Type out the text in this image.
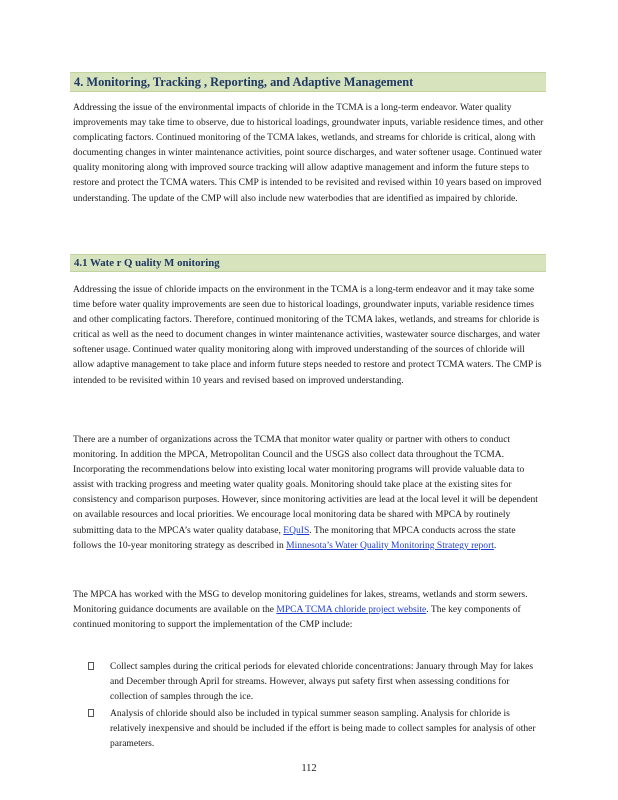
4. Monitoring, Tracking , Reporting, and Adaptive Management

Addressing the issue of the environmental impacts of chloride in the TCMA is a long-term endeavor. Water quality improvements may take time to observe, due to historical loadings, groundwater inputs, variable residence times, and other complicating factors. Continued monitoring of the TCMA lakes, wetlands, and streams for chloride is critical, along with documenting changes in winter maintenance activities, point source discharges, and water softener usage. Continued water quality monitoring along with improved source tracking will allow adaptive management and inform the future steps to restore and protect the TCMA waters. This CMP is intended to be revisited and revised within 10 years based on improved understanding. The update of the CMP will also include new waterbodies that are identified as impaired by chloride.

4.1 Wate r Q uality M onitoring

Addressing the issue of chloride impacts on the environment in the TCMA is a long-term endeavor and it may take some time before water quality improvements are seen due to historical loadings, groundwater inputs, variable residence times and other complicating factors. Therefore, continued monitoring of the TCMA lakes, wetlands, and streams for chloride is critical as well as the need to document changes in winter maintenance activities, wastewater source discharges, and water softener usage. Continued water quality monitoring along with improved understanding of the sources of chloride will allow adaptive management to take place and inform future steps needed to restore and protect TCMA waters. The CMP is intended to be revisited within 10 years and revised based on improved understanding.

There are a number of organizations across the TCMA that monitor water quality or partner with others to conduct monitoring. In addition the MPCA, Metropolitan Council and the USGS also collect data throughout the TCMA. Incorporating the recommendations below into existing local water monitoring programs will provide valuable data to assist with tracking progress and meeting water quality goals. Monitoring should take place at the existing sites for consistency and comparison purposes. However, since monitoring activities are lead at the local level it will be dependent on available resources and local priorities. We encourage local monitoring data be shared with MPCA by routinely submitting data to the MPCA’s water quality database, EQuIS. The monitoring that MPCA conducts across the state follows the 10-year monitoring strategy as described in Minnesota’s Water Quality Monitoring Strategy report.

The MPCA has worked with the MSG to develop monitoring guidelines for lakes, streams, wetlands and storm sewers. Monitoring guidance documents are available on the MPCA TCMA chloride project website. The key components of continued monitoring to support the implementation of the CMP include:

Collect samples during the critical periods for elevated chloride concentrations: January through May for lakes and December through April for streams. However, always put safety first when assessing conditions for collection of samples through the ice.
Analysis of chloride should also be included in typical summer season sampling. Analysis for chloride is relatively inexpensive and should be included if the effort is being made to collect samples for analysis of other parameters.
112
